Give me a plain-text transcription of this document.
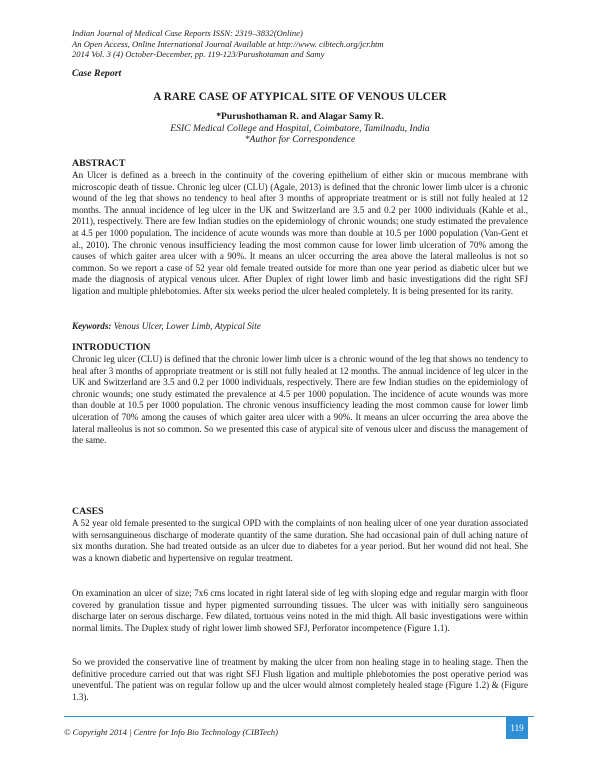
Indian Journal of Medical Case Reports ISSN: 2319–3832(Online)
An Open Access, Online International Journal Available at http://www. cibtech.org/jcr.htm
2014 Vol. 3 (4) October-December, pp. 119-123/Purushotaman and Samy
Case Report
A RARE CASE OF ATYPICAL SITE OF VENOUS ULCER
*Purushothaman R. and Alagar Samy R.
ESIC Medical College and Hospital, Coimbatore, Tamilnadu, India
*Author for Correspondence
ABSTRACT

An Ulcer is defined as a breech in the continuity of the covering epithelium of either skin or mucous membrane with microscopic death of tissue. Chronic leg ulcer (CLU) (Agale, 2013) is defined that the chronic lower limb ulcer is a chronic wound of the leg that shows no tendency to heal after 3 months of appropriate treatment or is still not fully healed at 12 months. The annual incidence of leg ulcer in the UK and Switzerland are 3.5 and 0.2 per 1000 individuals (Kahle et al., 2011), respectively. There are few Indian studies on the epidemiology of chronic wounds; one study estimated the prevalence at 4.5 per 1000 population. The incidence of acute wounds was more than double at 10.5 per 1000 population (Van-Gent et al., 2010). The chronic venous insufficiency leading the most common cause for lower limb ulceration of 70% among the causes of which gaiter area ulcer with a 90%. It means an ulcer occurring the area above the lateral malleolus is not so common. So we report a case of 52 year old female treated outside for more than one year period as diabetic ulcer but we made the diagnosis of atypical venous ulcer. After Duplex of right lower limb and basic investigations did the right SFJ ligation and multiple phlebotomies. After six weeks period the ulcer healed completely. It is being presented for its rarity.

Keywords: Venous Ulcer, Lower Limb, Atypical Site
INTRODUCTION

Chronic leg ulcer (CLU) is defined that the chronic lower limb ulcer is a chronic wound of the leg that shows no tendency to heal after 3 months of appropriate treatment or is still not fully healed at 12 months. The annual incidence of leg ulcer in the UK and Switzerland are 3.5 and 0.2 per 1000 individuals, respectively. There are few Indian studies on the epidemiology of chronic wounds; one study estimated the prevalence at 4.5 per 1000 population. The incidence of acute wounds was more than double at 10.5 per 1000 population. The chronic venous insufficiency leading the most common cause for lower limb ulceration of 70% among the causes of which gaiter area ulcer with a 90%. It means an ulcer occurring the area above the lateral malleolus is not so common. So we presented this case of atypical site of venous ulcer and discuss the management of the same.

CASES

A 52 year old female presented to the surgical OPD with the complaints of non healing ulcer of one year duration associated with serosanguineous discharge of moderate quantity of the same duration. She had occasional pain of dull aching nature of six months duration. She had treated outside as an ulcer due to diabetes for a year period. But her wound did not heal. She was a known diabetic and hypertensive on regular treatment.

On examination an ulcer of size; 7x6 cms located in right lateral side of leg with sloping edge and regular margin with floor covered by granulation tissue and hyper pigmented surrounding tissues. The ulcer was with initially sero sanguineous discharge later on serous discharge. Few dilated, tortuous veins noted in the mid thigh. All basic investigations were within normal limits. The Duplex study of right lower limb showed SFJ, Perforator incompetence (Figure 1.1).

So we provided the conservative line of treatment by making the ulcer from non healing stage in to healing stage. Then the definitive procedure carried out that was right SFJ Flush ligation and multiple phlebotomies the post operative period was uneventful. The patient was on regular follow up and the ulcer would almost completely healed stage (Figure 1.2) & (Figure 1.3).

© Copyright 2014 | Centre for Info Bio Technology (CIBTech)	119
